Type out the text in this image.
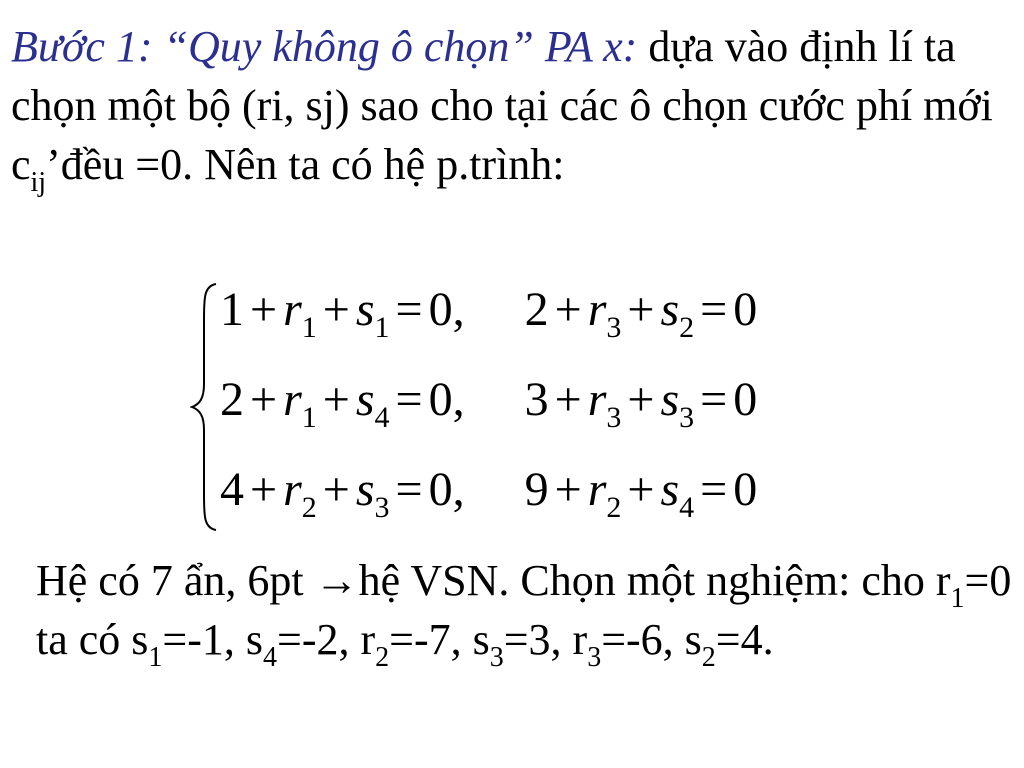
Bước 1: “Quy không ô chọn” PA x: dựa vào định lí ta chọn một bộ (ri, sj) sao cho tại các ô chọn cước phí mới $c_{ij}’đều =0$. Nên ta có hệ p.trình:

$1 + r_1 + s_1 = 0$, $2 + r_3 + s_2 = 0$
$2 + r_1 + s_4 = 0$, $3 + r_3 + s_3 = 0$
$4 + r_2 + s_3 = 0$, $9 + r_2 + s_4 = 0$

Hệ có 7 ẩn, 6pt →hệ VSN. Chọn một nghiệm: cho $r_1=0$ ta có $s_1=-1$, $s_4=-2$, $r_2=-7$, $s_3=3$, $r_3=-6$, $s_2=4$.
